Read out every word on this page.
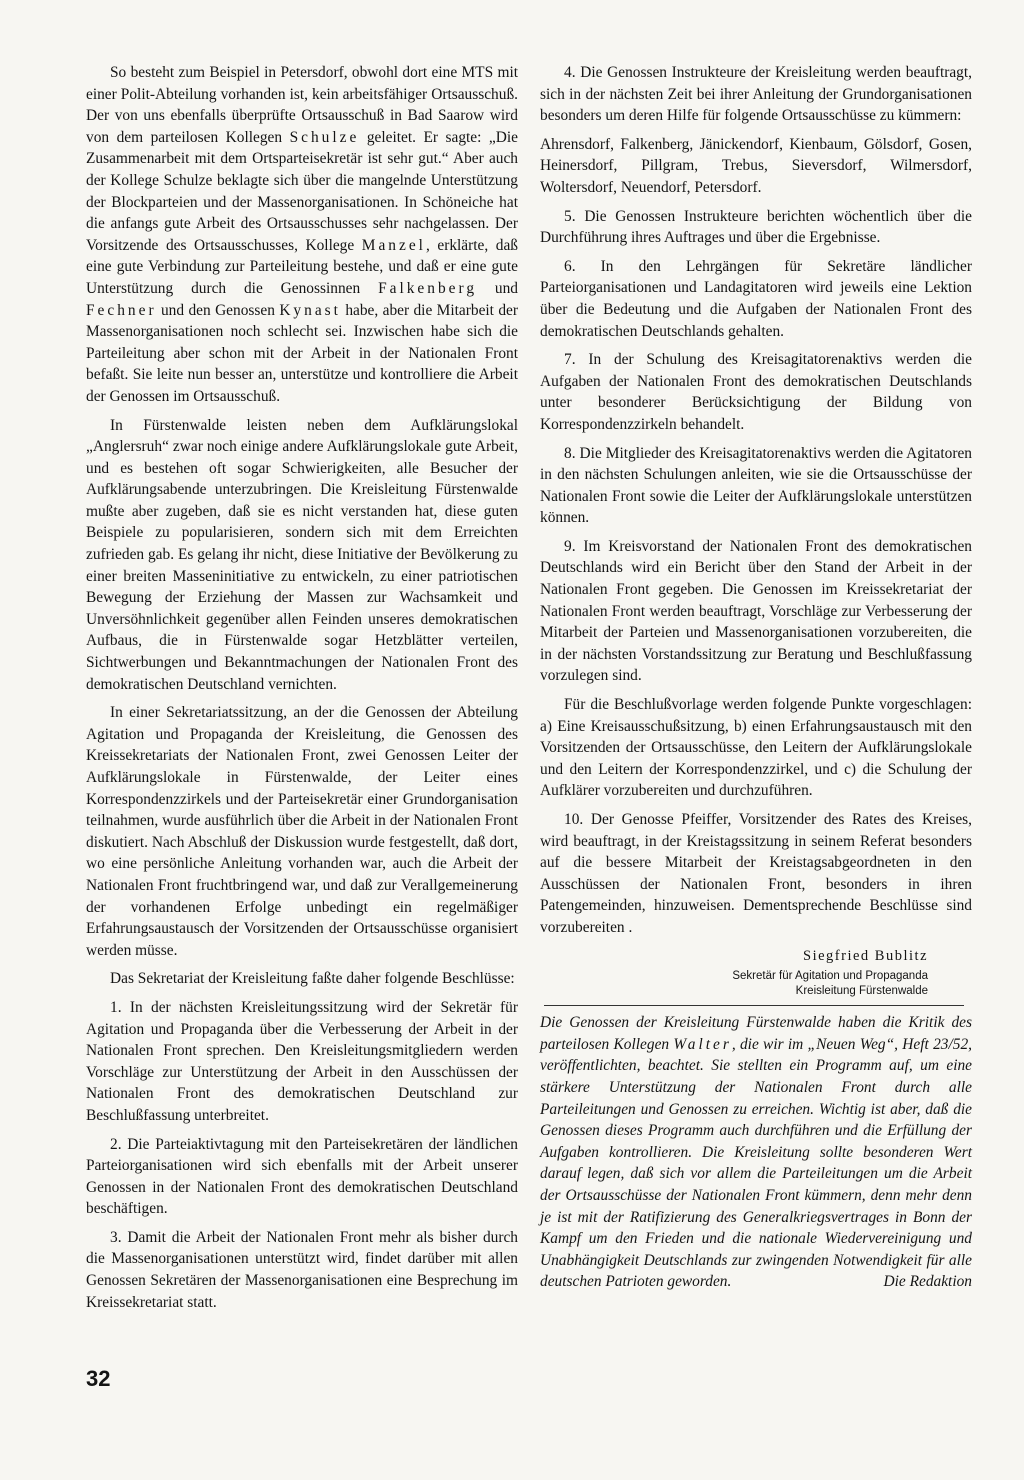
So besteht zum Beispiel in Petersdorf, obwohl dort eine MTS mit einer Polit-Abteilung vorhanden ist, kein arbeitsfähiger Ortsausschuß. Der von uns ebenfalls überprüfte Ortsausschuß in Bad Saarow wird von dem parteilosen Kollegen Schulze geleitet. Er sagte: „Die Zusammenarbeit mit dem Ortsparteisekretär ist sehr gut.“ Aber auch der Kollege Schulze beklagte sich über die mangelnde Unterstützung der Blockparteien und der Massenorganisationen. In Schöneiche hat die anfangs gute Arbeit des Ortsausschusses sehr nachgelassen. Der Vorsitzende des Ortsausschusses, Kollege Manzel, erklärte, daß eine gute Verbindung zur Parteileitung bestehe, und daß er eine gute Unterstützung durch die Genossinnen Falkenberg und Fechner und den Genossen Kynast habe, aber die Mitarbeit der Massenorganisationen noch schlecht sei. Inzwischen habe sich die Parteileitung aber schon mit der Arbeit in der Nationalen Front befaßt. Sie leite nun besser an, unterstütze und kontrolliere die Arbeit der Genossen im Ortsausschuß.

In Fürstenwalde leisten neben dem Aufklärungslokal „Anglersruh“ zwar noch einige andere Aufklärungslokale gute Arbeit, und es bestehen oft sogar Schwierigkeiten, alle Besucher der Aufklärungsabende unterzubringen. Die Kreisleitung Fürstenwalde mußte aber zugeben, daß sie es nicht verstanden hat, diese guten Beispiele zu popularisieren, sondern sich mit dem Erreichten zufrieden gab. Es gelang ihr nicht, diese Initiative der Bevölkerung zu einer breiten Masseninitiative zu entwickeln, zu einer patriotischen Bewegung der Erziehung der Massen zur Wachsamkeit und Unversöhnlichkeit gegenüber allen Feinden unseres demokratischen Aufbaus, die in Fürstenwalde sogar Hetzblätter verteilen, Sichtwerbungen und Bekanntmachungen der Nationalen Front des demokratischen Deutschland vernichten.

In einer Sekretariatssitzung, an der die Genossen der Abteilung Agitation und Propaganda der Kreisleitung, die Genossen des Kreissekretariats der Nationalen Front, zwei Genossen Leiter der Aufklärungslokale in Fürstenwalde, der Leiter eines Korrespondenzzirkels und der Parteisekretär einer Grundorganisation teilnahmen, wurde ausführlich über die Arbeit in der Nationalen Front diskutiert. Nach Abschluß der Diskussion wurde festgestellt, daß dort, wo eine persönliche Anleitung vorhanden war, auch die Arbeit der Nationalen Front fruchtbringend war, und daß zur Verallgemeinerung der vorhandenen Erfolge unbedingt ein regelmäßiger Erfahrungsaustausch der Vorsitzenden der Ortsausschüsse organisiert werden müsse.

Das Sekretariat der Kreisleitung faßte daher folgende Beschlüsse:

1. In der nächsten Kreisleitungssitzung wird der Sekretär für Agitation und Propaganda über die Verbesserung der Arbeit in der Nationalen Front sprechen. Den Kreisleitungsmitgliedern werden Vorschläge zur Unterstützung der Arbeit in den Ausschüssen der Nationalen Front des demokratischen Deutschland zur Beschlußfassung unterbreitet.

2. Die Parteiaktivtagung mit den Parteisekretären der ländlichen Parteiorganisationen wird sich ebenfalls mit der Arbeit unserer Genossen in der Nationalen Front des demokratischen Deutschland beschäftigen.

3. Damit die Arbeit der Nationalen Front mehr als bisher durch die Massenorganisationen unterstützt wird, findet darüber mit allen Genossen Sekretären der Massenorganisationen eine Besprechung im Kreissekretariat statt.

4. Die Genossen Instrukteure der Kreisleitung werden beauftragt, sich in der nächsten Zeit bei ihrer Anleitung der Grundorganisationen besonders um deren Hilfe für folgende Ortsausschüsse zu kümmern:

Ahrensdorf, Falkenberg, Jänickendorf, Kienbaum, Gölsdorf, Gosen, Heinersdorf, Pillgram, Trebus, Sieversdorf, Wilmersdorf, Woltersdorf, Neuendorf, Petersdorf.

5. Die Genossen Instrukteure berichten wöchentlich über die Durchführung ihres Auftrages und über die Ergebnisse.

6. In den Lehrgängen für Sekretäre ländlicher Parteiorganisationen und Landagitatoren wird jeweils eine Lektion über die Bedeutung und die Aufgaben der Nationalen Front des demokratischen Deutschlands gehalten.

7. In der Schulung des Kreisagitatorenaktivs werden die Aufgaben der Nationalen Front des demokratischen Deutschlands unter besonderer Berücksichtigung der Bildung von Korrespondenzzirkeln behandelt.

8. Die Mitglieder des Kreisagitatorenaktivs werden die Agitatoren in den nächsten Schulungen anleiten, wie sie die Ortsausschüsse der Nationalen Front sowie die Leiter der Aufklärungslokale unterstützen können.

9. Im Kreisvorstand der Nationalen Front des demokratischen Deutschlands wird ein Bericht über den Stand der Arbeit in der Nationalen Front gegeben. Die Genossen im Kreissekretariat der Nationalen Front werden beauftragt, Vorschläge zur Verbesserung der Mitarbeit der Parteien und Massenorganisationen vorzubereiten, die in der nächsten Vorstandssitzung zur Beratung und Beschlußfassung vorzulegen sind.

Für die Beschlußvorlage werden folgende Punkte vorgeschlagen: a) Eine Kreisausschußsitzung, b) einen Erfahrungsaustausch mit den Vorsitzenden der Ortsausschüsse, den Leitern der Aufklärungslokale und den Leitern der Korrespondenzzirkel, und c) die Schulung der Aufklärer vorzubereiten und durchzuführen.

10. Der Genosse Pfeiffer, Vorsitzender des Rates des Kreises, wird beauftragt, in der Kreistagssitzung in seinem Referat besonders auf die bessere Mitarbeit der Kreistagsabgeordneten in den Ausschüssen der Nationalen Front, besonders in ihren Patengemeinden, hinzuweisen. Dementsprechende Beschlüsse sind vorzubereiten .

Siegfried Bublitz
Sekretär für Agitation und Propaganda
Kreisleitung Fürstenwalde

Die Genossen der Kreisleitung Fürstenwalde haben die Kritik des parteilosen Kollegen Walter, die wir im „Neuen Weg“, Heft 23/52, veröffentlichten, beachtet. Sie stellten ein Programm auf, um eine stärkere Unterstützung der Nationalen Front durch alle Parteileitungen und Genossen zu erreichen. Wichtig ist aber, daß die Genossen dieses Programm auch durchführen und die Erfüllung der Aufgaben kontrollieren. Die Kreisleitung sollte besonderen Wert darauf legen, daß sich vor allem die Parteileitungen um die Arbeit der Ortsausschüsse der Nationalen Front kümmern, denn mehr denn je ist mit der Ratifizierung des Generalkriegsvertrages in Bonn der Kampf um den Frieden und die nationale Wiedervereinigung und Unabhängigkeit Deutschlands zur zwingenden Notwendigkeit für alle deutschen Patrioten geworden.	Die Redaktion

32
